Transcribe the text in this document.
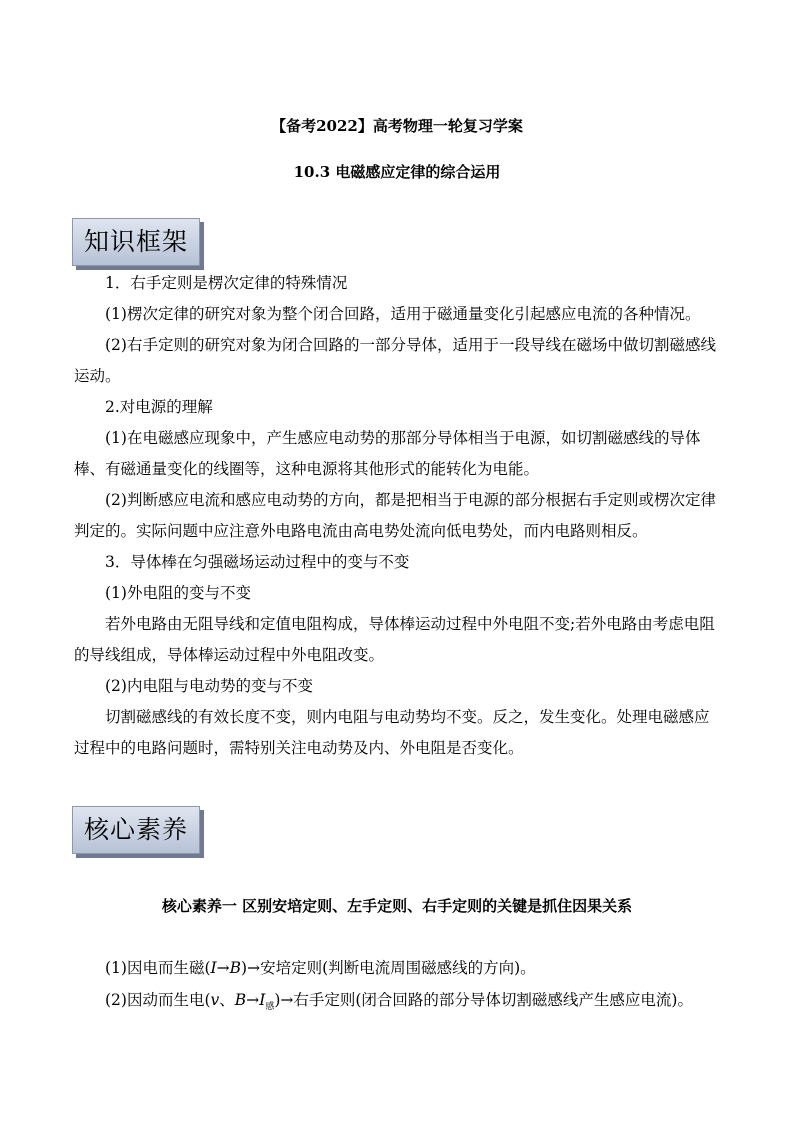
【备考2022】高考物理一轮复习学案
10.3 电磁感应定律的综合运用
知识框架

1．右手定则是楞次定律的特殊情况

(1)楞次定律的研究对象为整个闭合回路，适用于磁通量变化引起感应电流的各种情况。

(2)右手定则的研究对象为闭合回路的一部分导体，适用于一段导线在磁场中做切割磁感线运动。

2.对电源的理解

(1)在电磁感应现象中，产生感应电动势的那部分导体相当于电源，如切割磁感线的导体棒、有磁通量变化的线圈等，这种电源将其他形式的能转化为电能。

(2)判断感应电流和感应电动势的方向，都是把相当于电源的部分根据右手定则或楞次定律判定的。实际问题中应注意外电路电流由高电势处流向低电势处，而内电路则相反。

3．导体棒在匀强磁场运动过程中的变与不变

(1)外电阻的变与不变

若外电路由无阻导线和定值电阻构成，导体棒运动过程中外电阻不变;若外电路由考虑电阻的导线组成，导体棒运动过程中外电阻改变。

(2)内电阻与电动势的变与不变

切割磁感线的有效长度不变，则内电阻与电动势均不变。反之，发生变化。处理电磁感应过程中的电路问题时，需特别关注电动势及内、外电阻是否变化。

核心素养
核心素养一 区别安培定则、左手定则、右手定则的关键是抓住因果关系

(1)因电而生磁(I→B)→安培定则(判断电流周围磁感线的方向)。

(2)因动而生电(v、$B\to I_感)\to$右手定则(闭合回路的部分导体切割磁感线产生感应电流)。
